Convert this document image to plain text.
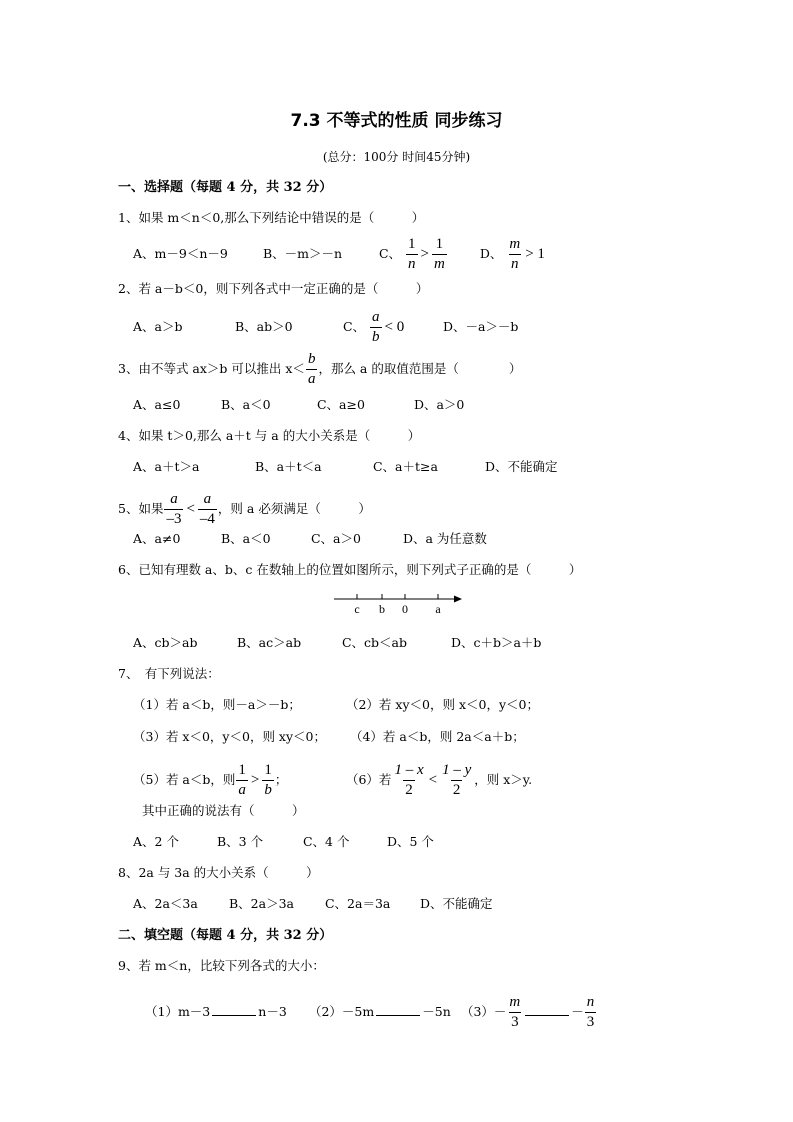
7.3 不等式的性质 同步练习
(总分：100分 时间45分钟)
一、选择题（每题 4 分，共 32 分）
1、如果 m＜n＜0,那么下列结论中错误的是（　　　）
A、m－9＜n－9	B、－m＞－n	C、 $\frac{1}{n} > \frac{1}{m}$	D、 $\frac{m}{n} > 1$
2、若 a－b＜0，则下列各式中一定正确的是（　　　）
A、a＞b	B、ab＞0	C、 $\frac{a}{b} < 0$	D、－a＞－b
3、由不等式 ax＞b 可以推出 $x< \frac{b}{a}$ ，那么 a 的取值范围是（　　　　）
A、a≤0	B、a＜0	C、a≥0	D、a＞0
4、如果 t＞0,那么 a＋t 与 a 的大小关系是（　　　）
A、a＋t＞a	B、a＋t＜a	C、a＋t≥a	D、不能确定
5、如果 $\frac{a}{-3} < \frac{a}{-4}$ ，则 a 必须满足（　　　）
A、a≠0	B、a＜0	C、a＞0	D、a 为任意数
6、已知有理数 a、b、c 在数轴上的位置如图所示，则下列式子正确的是（　　　）
c b 0 a
A、cb＞ab	B、ac＞ab	C、cb＜ab	D、c＋b＞a＋b
7、　有下列说法：
（1）若 a＜b，则－a＞－b；	（2）若 xy＜0，则 x＜0，y＜0；
（3）若 x＜0，y＜0，则 xy＜0； （4）若 a＜b，则 2a＜a＋b；
（5）若 a＜b，则 $\frac{1}{a} > \frac{1}{b}$ ；	（6）若 $\frac{1 - x}{2} < \frac{1 - y}{2}$ ，则 x＞y.
其中正确的说法有（　　　）
A、2 个	B、3 个	C、4 个	D、5 个
8、2a 与 3a 的大小关系（　　　）
A、2a＜3a B、2a＞3a C、2a＝3a D、不能确定
二、填空题（每题 4 分，共 32 分）
9、若 m＜n，比较下列各式的大小：
（1）m－3	n－3 （2）－5m	－5n $(3)- \frac{m}{3}$	－ $\frac{n}{3}$
